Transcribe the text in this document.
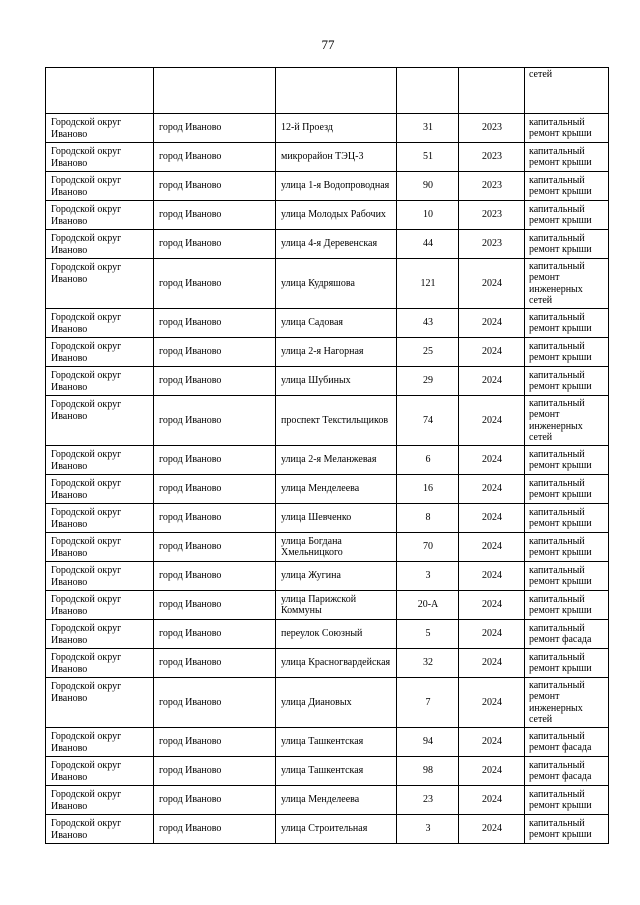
77
					сетей
Городской округ Иваново	город Иваново	12-й Проезд	31	2023	капитальный ремонт крыши
Городской округ Иваново	город Иваново	микрорайон ТЭЦ-3	51	2023	капитальный ремонт крыши
Городской округ Иваново	город Иваново	улица 1-я Водопроводная	90	2023	капитальный ремонт крыши
Городской округ Иваново	город Иваново	улица Молодых Рабочих	10	2023	капитальный ремонт крыши
Городской округ Иваново	город Иваново	улица 4-я Деревенская	44	2023	капитальный ремонт крыши
Городской округ Иваново	город Иваново	улица Кудряшова	121	2024	капитальный ремонт инженерных сетей
Городской округ Иваново	город Иваново	улица Садовая	43	2024	капитальный ремонт крыши
Городской округ Иваново	город Иваново	улица 2-я Нагорная	25	2024	капитальный ремонт крыши
Городской округ Иваново	город Иваново	улица Шубиных	29	2024	капитальный ремонт крыши
Городской округ Иваново	город Иваново	проспект Текстильщиков	74	2024	капитальный ремонт инженерных сетей
Городской округ Иваново	город Иваново	улица 2-я Меланжевая	6	2024	капитальный ремонт крыши
Городской округ Иваново	город Иваново	улица Менделеева	16	2024	капитальный ремонт крыши
Городской округ Иваново	город Иваново	улица Шевченко	8	2024	капитальный ремонт крыши
Городской округ Иваново	город Иваново	улица Богдана Хмельницкого	70	2024	капитальный ремонт крыши
Городской округ Иваново	город Иваново	улица Жугина	3	2024	капитальный ремонт крыши
Городской округ Иваново	город Иваново	улица Парижской Коммуны	20-А	2024	капитальный ремонт крыши
Городской округ Иваново	город Иваново	переулок Союзный	5	2024	капитальный ремонт фасада
Городской округ Иваново	город Иваново	улица Красногвардейская	32	2024	капитальный ремонт крыши
Городской округ Иваново	город Иваново	улица Диановых	7	2024	капитальный ремонт инженерных сетей
Городской округ Иваново	город Иваново	улица Ташкентская	94	2024	капитальный ремонт фасада
Городской округ Иваново	город Иваново	улица Ташкентская	98	2024	капитальный ремонт фасада
Городской округ Иваново	город Иваново	улица Менделеева	23	2024	капитальный ремонт крыши
Городской округ Иваново	город Иваново	улица Строительная	3	2024	капитальный ремонт крыши
